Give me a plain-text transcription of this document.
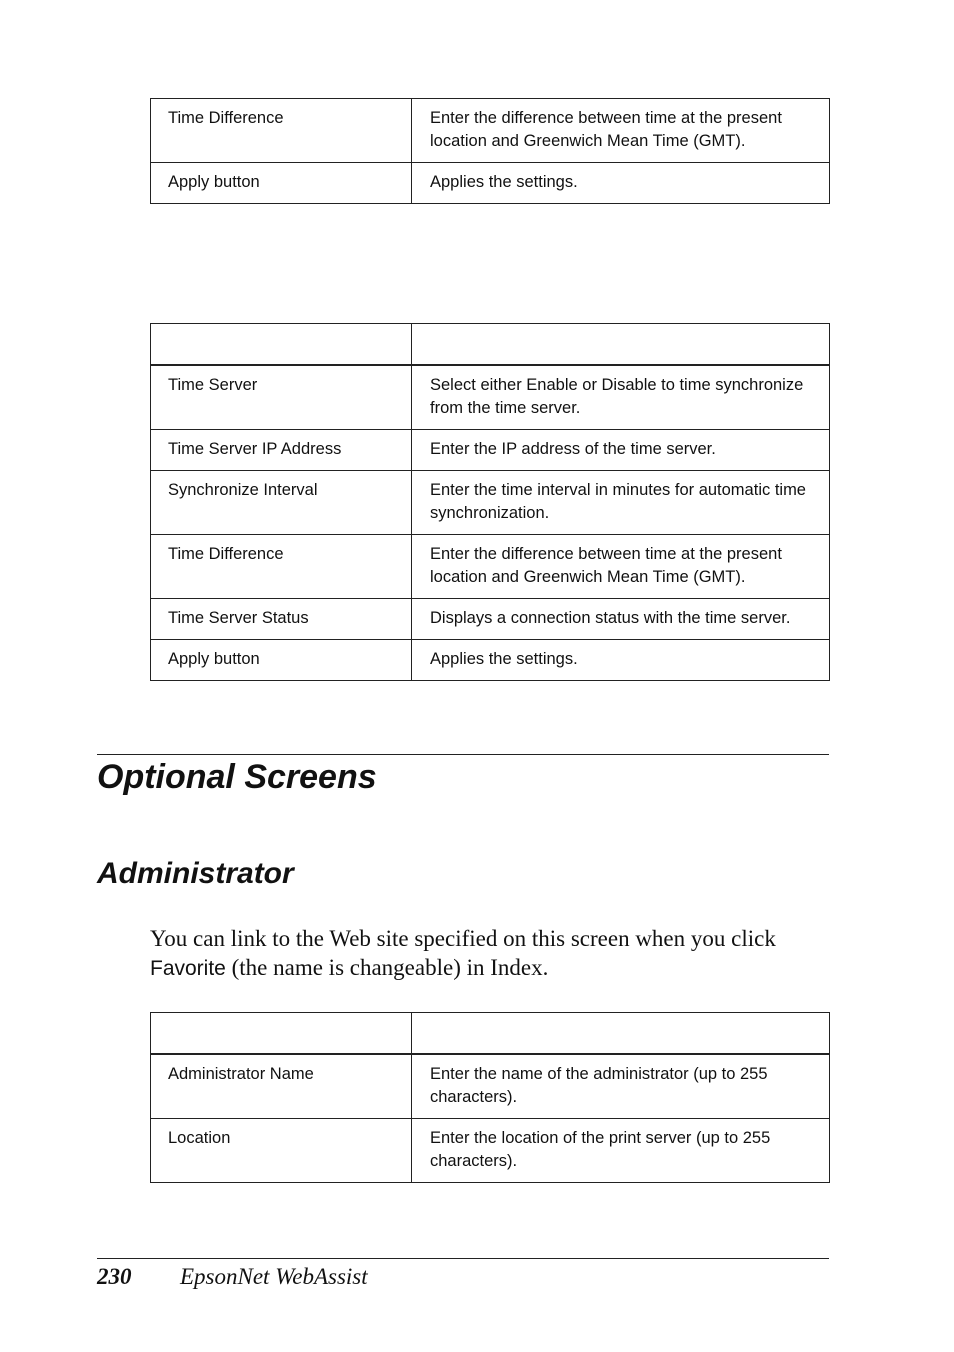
Time Difference	Enter the difference between time at the present location and Greenwich Mean Time (GMT).
Apply button	Applies the settings.

Time Server	Select either Enable or Disable to time synchronize from the time server.
Time Server IP Address	Enter the IP address of the time server.
Synchronize Interval	Enter the time interval in minutes for automatic time synchronization.
Time Difference	Enter the difference between time at the present location and Greenwich Mean Time (GMT).
Time Server Status	Displays a connection status with the time server.
Apply button	Applies the settings.
Optional Screens
Administrator

You can link to the Web site specified on this screen when you click Favorite (the name is changeable) in Index.

Administrator Name	Enter the name of the administrator (up to 255 characters).
Location	Enter the location of the print server (up to 255 characters).
230 EpsonNet WebAssist
